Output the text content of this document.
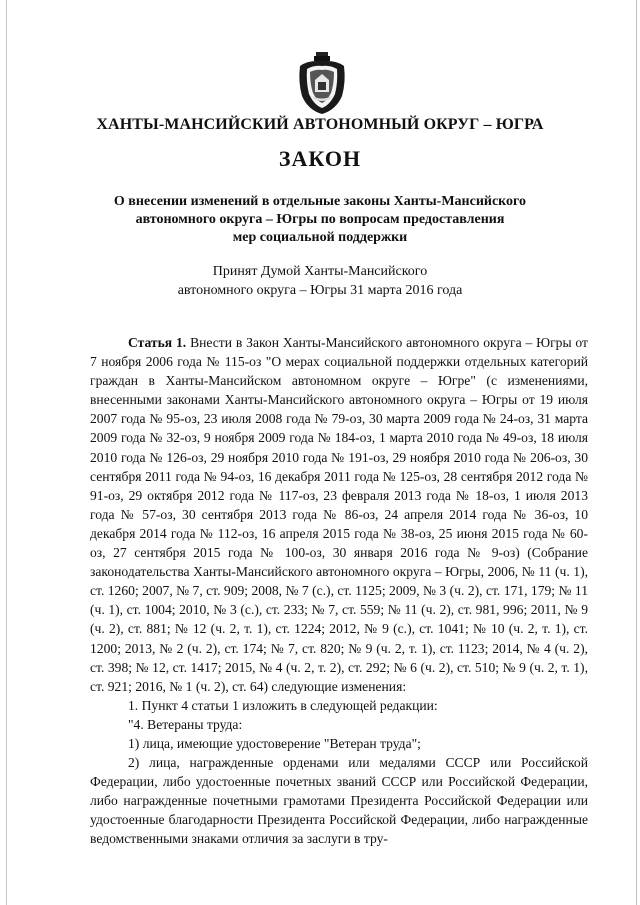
ХАНТЫ-МАНСИЙСКИЙ АВТОНОМНЫЙ ОКРУГ – ЮГРА
ЗАКОН
О внесении изменений в отдельные законы Ханты-Мансийского
автономного округа – Югры по вопросам предоставления
мер социальной поддержки
Принят Думой Ханты-Мансийского
автономного округа – Югры 31 марта 2016 года

Статья 1. Внести в Закон Ханты-Мансийского автономного округа – Югры от 7 ноября 2006 года № 115-оз "О мерах социальной поддержки отдельных категорий граждан в Ханты-Мансийском автономном округе – Югре" (с изменениями, внесенными законами Ханты-Мансийского автономного округа – Югры от 19 июля 2007 года № 95-оз, 23 июля 2008 года № 79-оз, 30 марта 2009 года № 24-оз, 31 марта 2009 года № 32-оз, 9 ноября 2009 года № 184-оз, 1 марта 2010 года № 49-оз, 18 июля 2010 года № 126-оз, 29 ноября 2010 года № 191-оз, 29 ноября 2010 года № 206-оз, 30 сентября 2011 года № 94-оз, 16 декабря 2011 года № 125-оз, 28 сентября 2012 года № 91-оз, 29 октября 2012 года № 117-оз, 23 февраля 2013 года № 18-оз, 1 июля 2013 года № 57-оз, 30 сентября 2013 года № 86-оз, 24 апреля 2014 года № 36-оз, 10 декабря 2014 года № 112-оз, 16 апреля 2015 года № 38-оз, 25 июня 2015 года № 60-оз, 27 сентября 2015 года № 100-оз, 30 января 2016 года № 9-оз) (Собрание законодательства Ханты-Мансийского автономного округа – Югры, 2006, № 11 (ч. 1), ст. 1260; 2007, № 7, ст. 909; 2008, № 7 (с.), ст. 1125; 2009, № 3 (ч. 2), ст. 171, 179; № 11 (ч. 1), ст. 1004; 2010, № 3 (с.), ст. 233; № 7, ст. 559; № 11 (ч. 2), ст. 981, 996; 2011, № 9 (ч. 2), ст. 881; № 12 (ч. 2, т. 1), ст. 1224; 2012, № 9 (с.), ст. 1041; № 10 (ч. 2, т. 1), ст. 1200; 2013, № 2 (ч. 2), ст. 174; № 7, ст. 820; № 9 (ч. 2, т. 1), ст. 1123; 2014, № 4 (ч. 2), ст. 398; № 12, ст. 1417; 2015, № 4 (ч. 2, т. 2), ст. 292; № 6 (ч. 2), ст. 510; № 9 (ч. 2, т. 1), ст. 921; 2016, № 1 (ч. 2), ст. 64) следующие изменения:

1. Пункт 4 статьи 1 изложить в следующей редакции:

"4. Ветераны труда:

1) лица, имеющие удостоверение "Ветеран труда";

2) лица, награжденные орденами или медалями СССР или Российской Федерации, либо удостоенные почетных званий СССР или Российской Федерации, либо награжденные почетными грамотами Президента Российской Федерации или удостоенные благодарности Президента Российской Федерации, либо награжденные ведомственными знаками отличия за заслуги в тру-
